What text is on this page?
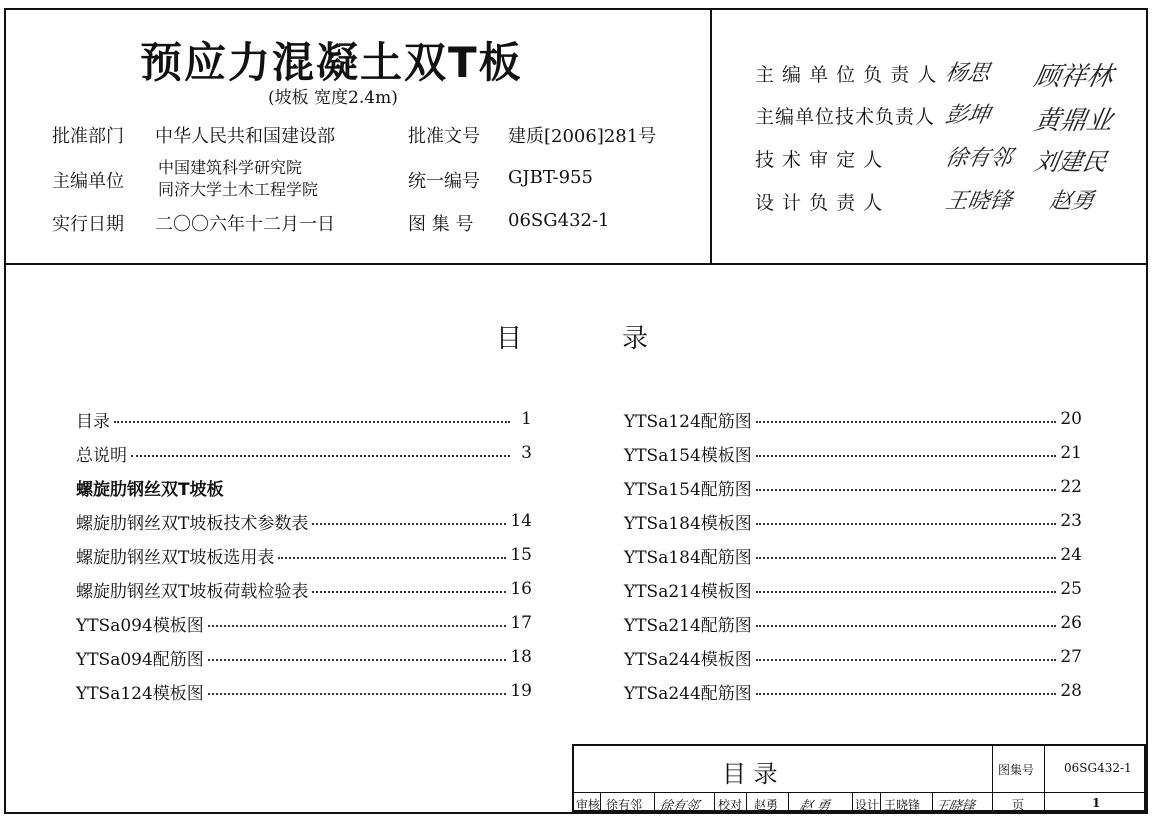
预应力混凝土双T板
(坡板 宽度2.4m)
批准部门 中华人民共和国建设部
主编单位
中国建筑科学研究院
同济大学土木工程学院
实行日期 二〇〇六年十二月一日
批准文号 建质[2006]281号
统一编号 GJBT-955
图 集 号 06SG432-1
主 编 单 位 负 责 人 杨思 顾祥林
主编单位技术负责人 彭坤 黄鼎业
技 术 审 定 人	徐有邻 刘建民
设 计 负 责 人	王晓锋 赵勇
目	录
目录	1
总说明	3
螺旋肋钢丝双T坡板
螺旋肋钢丝双T坡板技术参数表	14
螺旋肋钢丝双T坡板选用表	15
螺旋肋钢丝双T坡板荷载检验表	16
YTSa094模板图	17
YTSa094配筋图	18
YTSa124模板图	19
YTSa124配筋图	20
YTSa154模板图	21
YTSa154配筋图	22
YTSa184模板图	23
YTSa184配筋图	24
YTSa214模板图	25
YTSa214配筋图	26
YTSa244模板图	27
YTSa244配筋图	28
目 录	图集号 06SG432-1
页	1
审核 徐有邻 徐有邻 校对 赵勇 赵 勇 设计 王晓锋 王晓锋
